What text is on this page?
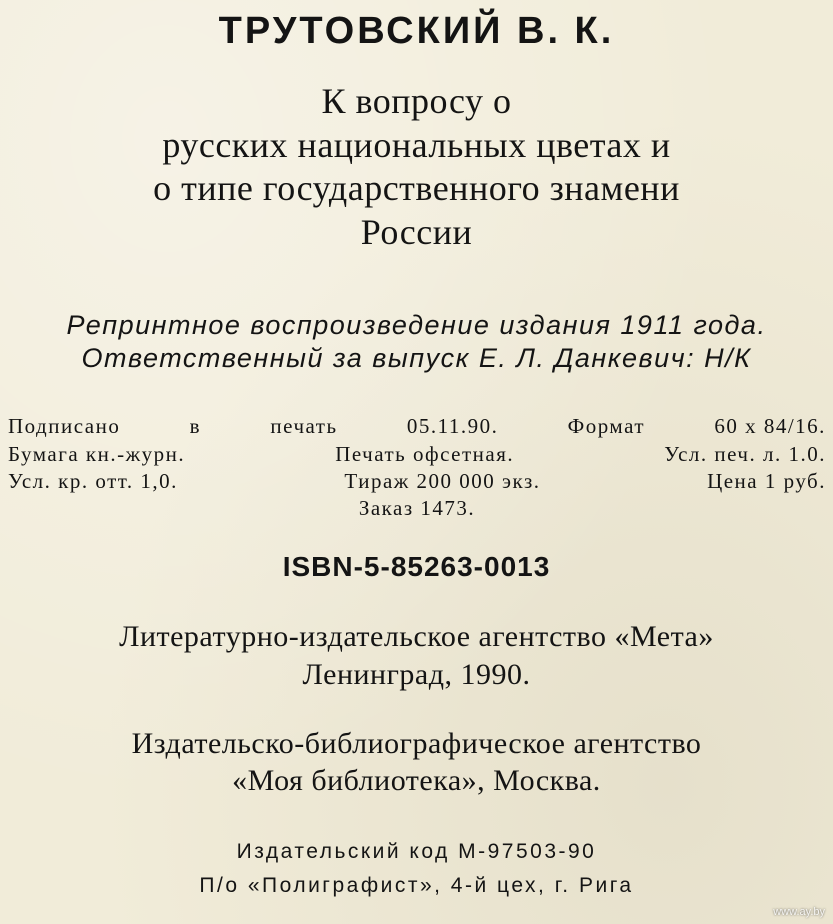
ТРУТОВСКИЙ В. К.
К вопросу о
русских национальных цветах и
о типе государственного знамени
России
Репринтное воспроизведение издания 1911 года.
Ответственный за выпуск Е. Л. Данкевич: Н/К
Подписано	в	печать	05.11.90.	Формат	60 х 84/16.
Бумага кн.-журн.	Печать офсетная.	Усл. печ. л. 1.0.
Усл. кр. отт. 1,0.	Тираж 200 000 экз.	Цена 1 руб.
Заказ 1473.
ISBN-5-85263-0013
Литературно-издательское агентство «Мета»
Ленинград, 1990.
Издательско-библиографическое агентство
«Моя библиотека», Москва.
Издательский код М-97503-90
П/о «Полиграфист», 4-й цех, г. Рига
www.ay.by
